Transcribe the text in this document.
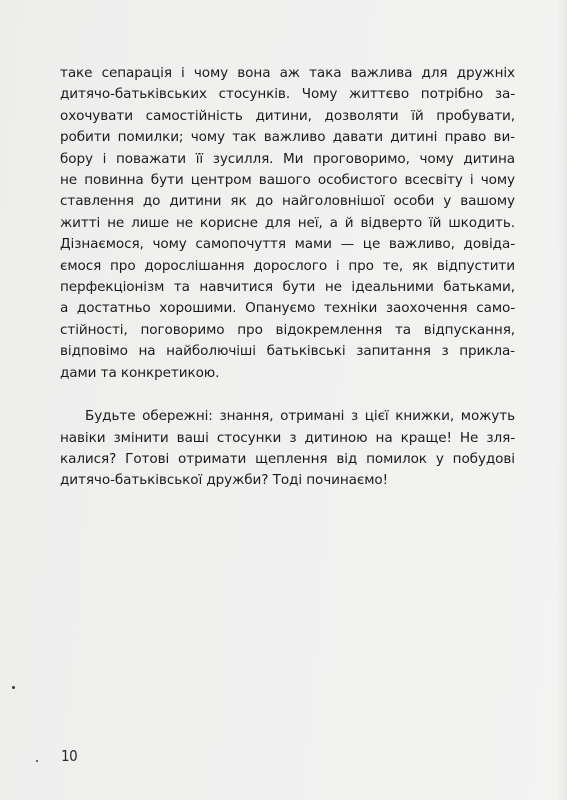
таке сепарація і чому вона аж така важлива для дружніх
дитячо-батьківських стосунків. Чому життєво потрібно за-
охочувати самостійність дитини, дозволяти їй пробувати,
робити помилки; чому так важливо давати дитині право ви-
бору і поважати її зусилля. Ми проговоримо, чому дитина
не повинна бути центром вашого особистого всесвіту і чому
ставлення до дитини як до найголовнішої особи у вашому
житті не лише не корисне для неї, а й відверто їй шкодить.
Дізнаємося, чому самопочуття мами — це важливо, довіда-
ємося про дорослішання дорослого і про те, як відпустити
перфекціонізм та навчитися бути не ідеальними батьками,
а достатньо хорошими. Опануємо техніки заохочення само-
стійності, поговоримо про відокремлення та відпускання,
відповімо на найболючіші батьківські запитання з прикла-
дами та конкретикою.
Будьте обережні: знання, отримані з цієї книжки, можуть
навіки змінити ваші стосунки з дитиною на краще! Не зля-
калися? Готові отримати щеплення від помилок у побудові
дитячо-батьківської дружби? Тоді починаємо!
10
